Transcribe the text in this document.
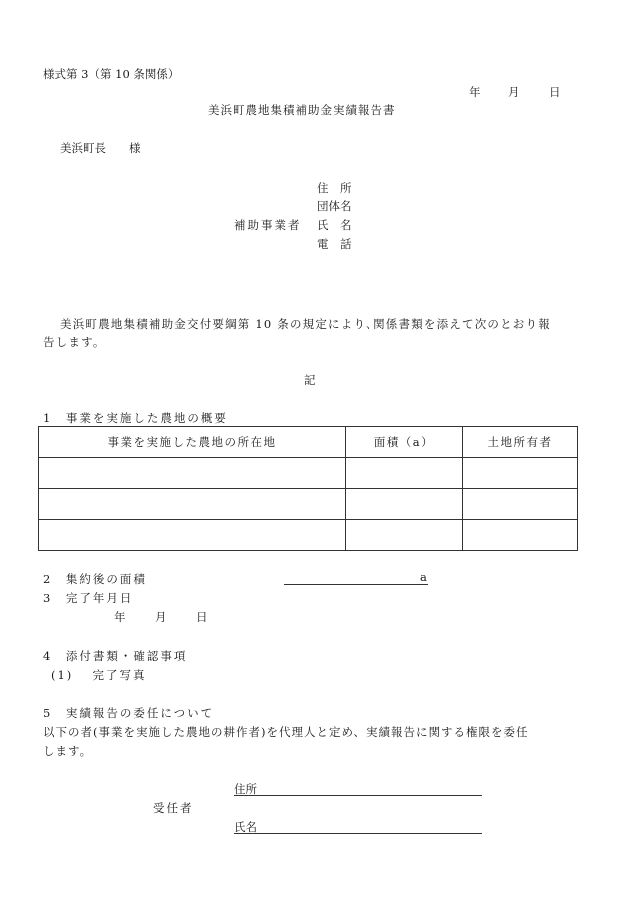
様式第 3（第 10 条関係）
年 月	日
美浜町農地集積補助金実績報告書
美浜町長　　様
住　所
団体名
補助事業者 氏　名
電　話
美浜町農地集積補助金交付要綱第 10 条の規定により､関係書類を添えて次のとおり報
告します。
記
1　事業を実施した農地の概要
事業を実施した農地の所在地	面積（a）	土地所有者

2　集約後の面積	a
3　完了年月日
年	月	日
4　添付書類・確認事項
(1)　 完了写真
5　実績報告の委任について
以下の者(事業を実施した農地の耕作者)を代理人と定め、実績報告に関する権限を委任
します。
住所
受任者
氏名
